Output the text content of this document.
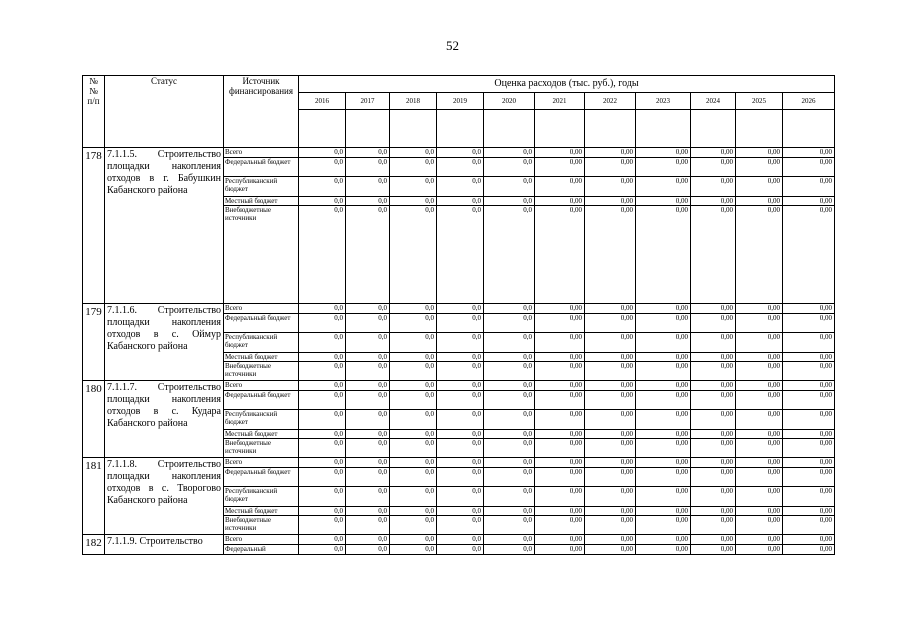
52
№
№
п/п	Статус	Источник финансирования	Оценка расходов (тыс. руб.), годы										
			2016	2017	2018	2019	2020	2021	2022	2023	2024	2025	2026

178	7.1.1.5. Строительство площадки накопления отходов в г. Бабушкин Кабанского района	Всего	0,0	0,0	0,0	0,0	0,0	0,00	0,00	0,00	0,00	0,00	0,00
		Федеральный бюджет	0,0	0,0	0,0	0,0	0,0	0,00	0,00	0,00	0,00	0,00	0,00
		Республиканский бюджет	0,0	0,0	0,0	0,0	0,0	0,00	0,00	0,00	0,00	0,00	0,00
		Местный бюджет	0,0	0,0	0,0	0,0	0,0	0,00	0,00	0,00	0,00	0,00	0,00
		Внебюджетные источники	0,0	0,0	0,0	0,0	0,0	0,00	0,00	0,00	0,00	0,00	0,00
179	7.1.1.6. Строительство площадки накопления отходов в с. Оймур Кабанского района	Всего	0,0	0,0	0,0	0,0	0,0	0,00	0,00	0,00	0,00	0,00	0,00
		Федеральный бюджет	0,0	0,0	0,0	0,0	0,0	0,00	0,00	0,00	0,00	0,00	0,00
		Республиканский бюджет	0,0	0,0	0,0	0,0	0,0	0,00	0,00	0,00	0,00	0,00	0,00
		Местный бюджет	0,0	0,0	0,0	0,0	0,0	0,00	0,00	0,00	0,00	0,00	0,00
		Внебюджетные источники	0,0	0,0	0,0	0,0	0,0	0,00	0,00	0,00	0,00	0,00	0,00
180	7.1.1.7. Строительство площадки накопления отходов в с. Кудара Кабанского района	Всего	0,0	0,0	0,0	0,0	0,0	0,00	0,00	0,00	0,00	0,00	0,00
		Федеральный бюджет	0,0	0,0	0,0	0,0	0,0	0,00	0,00	0,00	0,00	0,00	0,00
		Республиканский бюджет	0,0	0,0	0,0	0,0	0,0	0,00	0,00	0,00	0,00	0,00	0,00
		Местный бюджет	0,0	0,0	0,0	0,0	0,0	0,00	0,00	0,00	0,00	0,00	0,00
		Внебюджетные источники	0,0	0,0	0,0	0,0	0,0	0,00	0,00	0,00	0,00	0,00	0,00
181	7.1.1.8. Строительство площадки накопления отходов в с. Творогово Кабанского района	Всего	0,0	0,0	0,0	0,0	0,0	0,00	0,00	0,00	0,00	0,00	0,00
		Федеральный бюджет	0,0	0,0	0,0	0,0	0,0	0,00	0,00	0,00	0,00	0,00	0,00
		Республиканский бюджет	0,0	0,0	0,0	0,0	0,0	0,00	0,00	0,00	0,00	0,00	0,00
		Местный бюджет	0,0	0,0	0,0	0,0	0,0	0,00	0,00	0,00	0,00	0,00	0,00
		Внебюджетные источники	0,0	0,0	0,0	0,0	0,0	0,00	0,00	0,00	0,00	0,00	0,00
182	7.1.1.9. Строительство	Всего	0,0	0,0	0,0	0,0	0,0	0,00	0,00	0,00	0,00	0,00	0,00
		Федеральный	0,0	0,0	0,0	0,0	0,0	0,00	0,00	0,00	0,00	0,00	0,00
